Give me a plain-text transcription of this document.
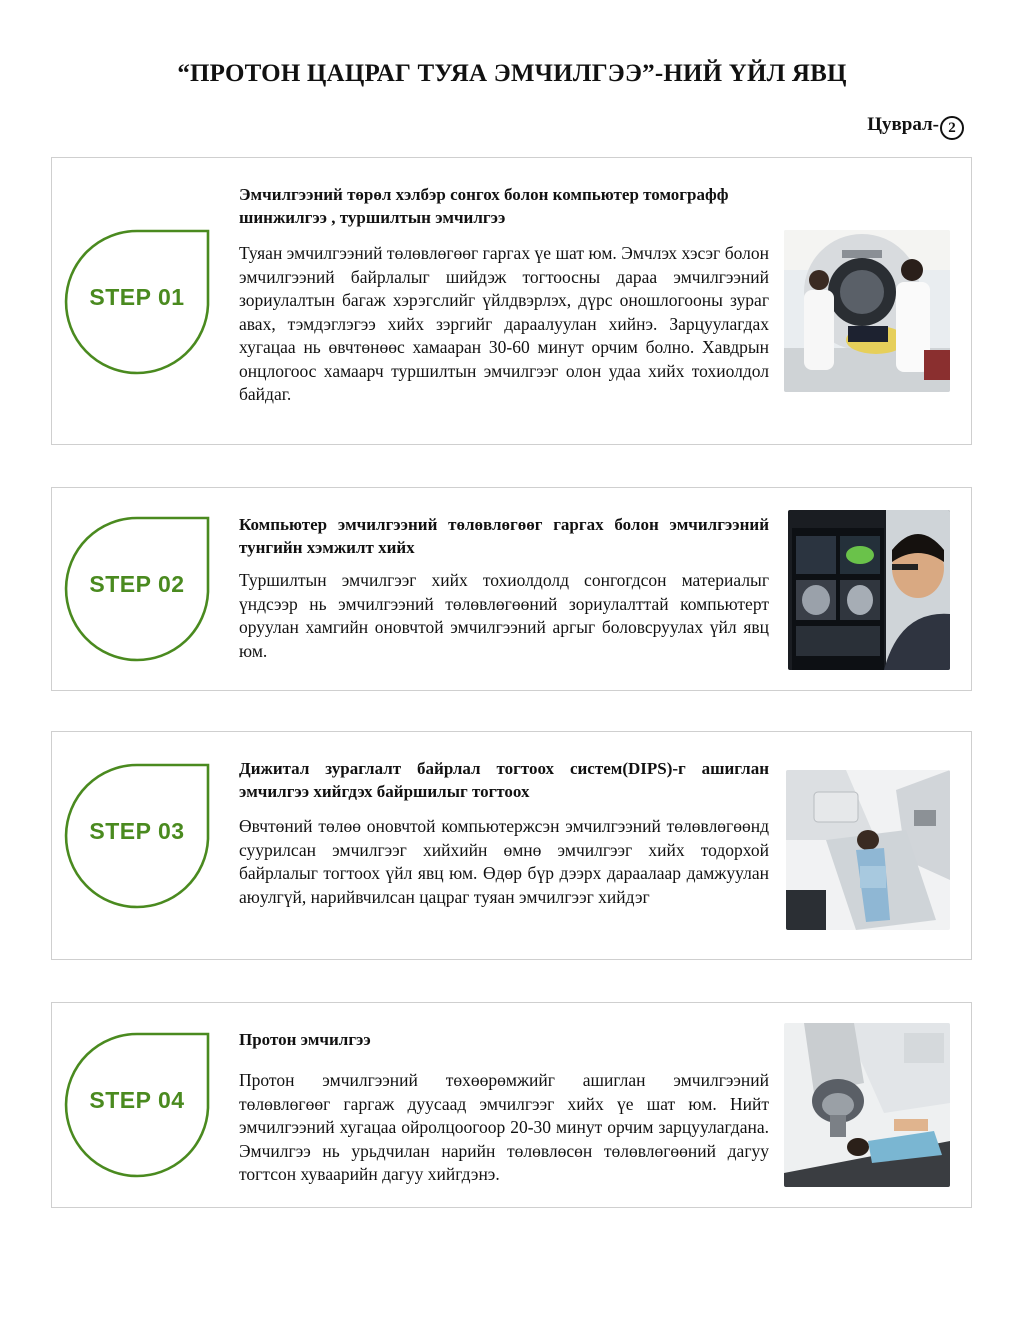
“ПРОТОН ЦАЦРАГ ТУЯА ЭМЧИЛГЭЭ”-НИЙ ҮЙЛ ЯВЦ
Цуврал- 2
STEP 01
Эмчилгээний төрөл хэлбэр сонгох болон компьютер томографф шинжилгээ , туршилтын эмчилгээ
Туяан эмчилгээний төлөвлөгөөг гаргах үе шат юм. Эмчлэх хэсэг болон эмчилгээний байрлалыг шийдэж тогтоосны дараа эмчилгээний зориулалтын багаж хэрэгслийг үйлдвэрлэх, дүрс оношлогооны зураг авах, тэмдэглэгээ хийх зэргийг дараалуулан хийнэ. Зарцуулагдах хугацаа нь өвчтөнөөс хамааран 30-60 минут орчим болно. Хавдрын онцлогоос хамаарч туршилтын эмчилгээг олон удаа хийх тохиолдол байдаг.
STEP 02
Компьютер эмчилгээний төлөвлөгөөг гаргах болон эмчилгээний тунгийн хэмжилт хийх
Туршилтын эмчилгээг хийх тохиолдолд сонгогдсон материалыг үндсээр нь эмчилгээний төлөвлөгөөний зориулалттай компьютерт оруулан хамгийн оновчтой эмчилгээний аргыг боловсруулах үйл явц юм.
STEP 03
Дижитал зураглалт байрлал тогтоох систем(DIPS)-г ашиглан эмчилгээ хийгдэх байршилыг тогтоох
Өвчтөний төлөө оновчтой компьютержсэн эмчилгээний төлөвлөгөөнд суурилсан эмчилгээг хийхийн өмнө эмчилгээг хийх тодорхой байрлалыг тогтоох үйл явц юм. Өдөр бүр дээрх дараалаар дамжуулан аюулгүй, нарийвчилсан цацраг туяан эмчилгээг хийдэг
STEP 04
Протон эмчилгээ
Протон эмчилгээний төхөөрөмжийг ашиглан эмчилгээний төлөвлөгөөг гаргаж дуусаад эмчилгээг хийх үе шат юм. Нийт эмчилгээний хугацаа ойролцоогоор 20-30 минут орчим зарцуулагдана. Эмчилгээ нь урьдчилан нарийн төлөвлөсөн төлөвлөгөөний дагуу тогтсон хуваарийн дагуу хийгдэнэ.
